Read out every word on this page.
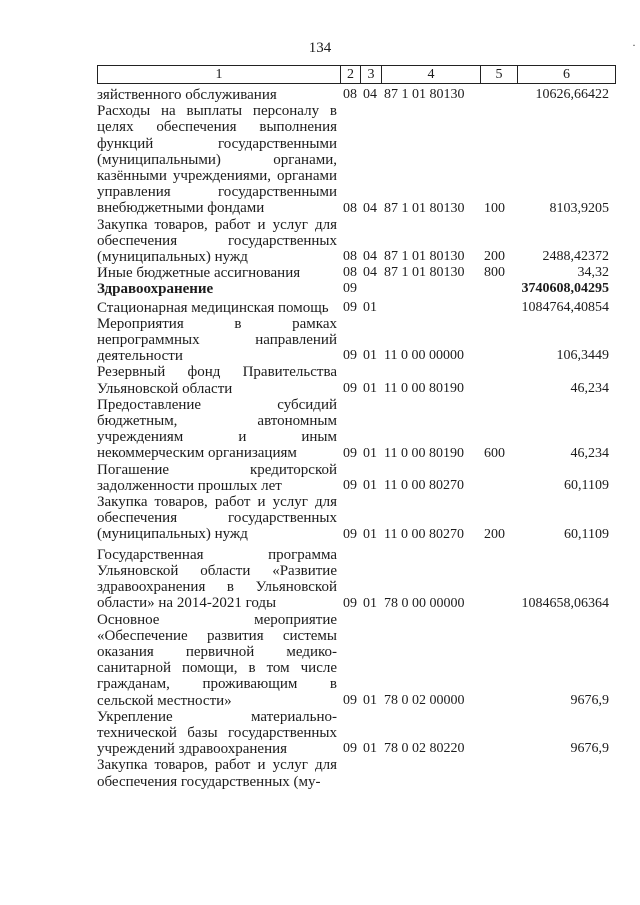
134	·
1	2 3	4	5	6
зяйственного обслуживания	08 04 87 1 01 80130	10626,66422
Расходы на выплаты персоналу в целях обеспечения выполнения функций государственными (муниципальными) органами, казёнными учреждениями, органами управления государственными внебюджетными фондами	08 04 87 1 01 80130 100	8103,9205
Закупка товаров, работ и услуг для обеспечения государственных (муниципальных) нужд	08 04 87 1 01 80130 200	2488,42372
Иные бюджетные ассигнования	08 04 87 1 01 80130 800	34,32
Здравоохранение	09	3740608,04295
Стационарная медицинская помощь	09 01	1084764,40854
Мероприятия в рамках непрограммных направлений деятельности	09 01 11 0 00 00000	106,3449
Резервный фонд Правительства Ульяновской области	09 01 11 0 00 80190	46,234
Предоставление субсидий бюджетным, автономным учреждениям и иным некоммерческим организациям	09 01 11 0 00 80190 600	46,234
Погашение кредиторской задолженности прошлых лет	09 01 11 0 00 80270	60,1109
Закупка товаров, работ и услуг для обеспечения государственных (муниципальных) нужд	09 01 11 0 00 80270 200	60,1109
Государственная программа Ульяновской области «Развитие здравоохранения в Ульяновской области» на 2014-2021 годы	09 01 78 0 00 00000	1084658,06364
Основное мероприятие «Обеспечение развития системы оказания первичной медико-санитарной помощи, в том числе гражданам, проживающим в сельской местности»	09 01 78 0 02 00000	9676,9
Укрепление материально-технической базы государственных учреждений здравоохранения	09 01 78 0 02 80220	9676,9
Закупка товаров, работ и услуг для обеспечения государственных (му-
